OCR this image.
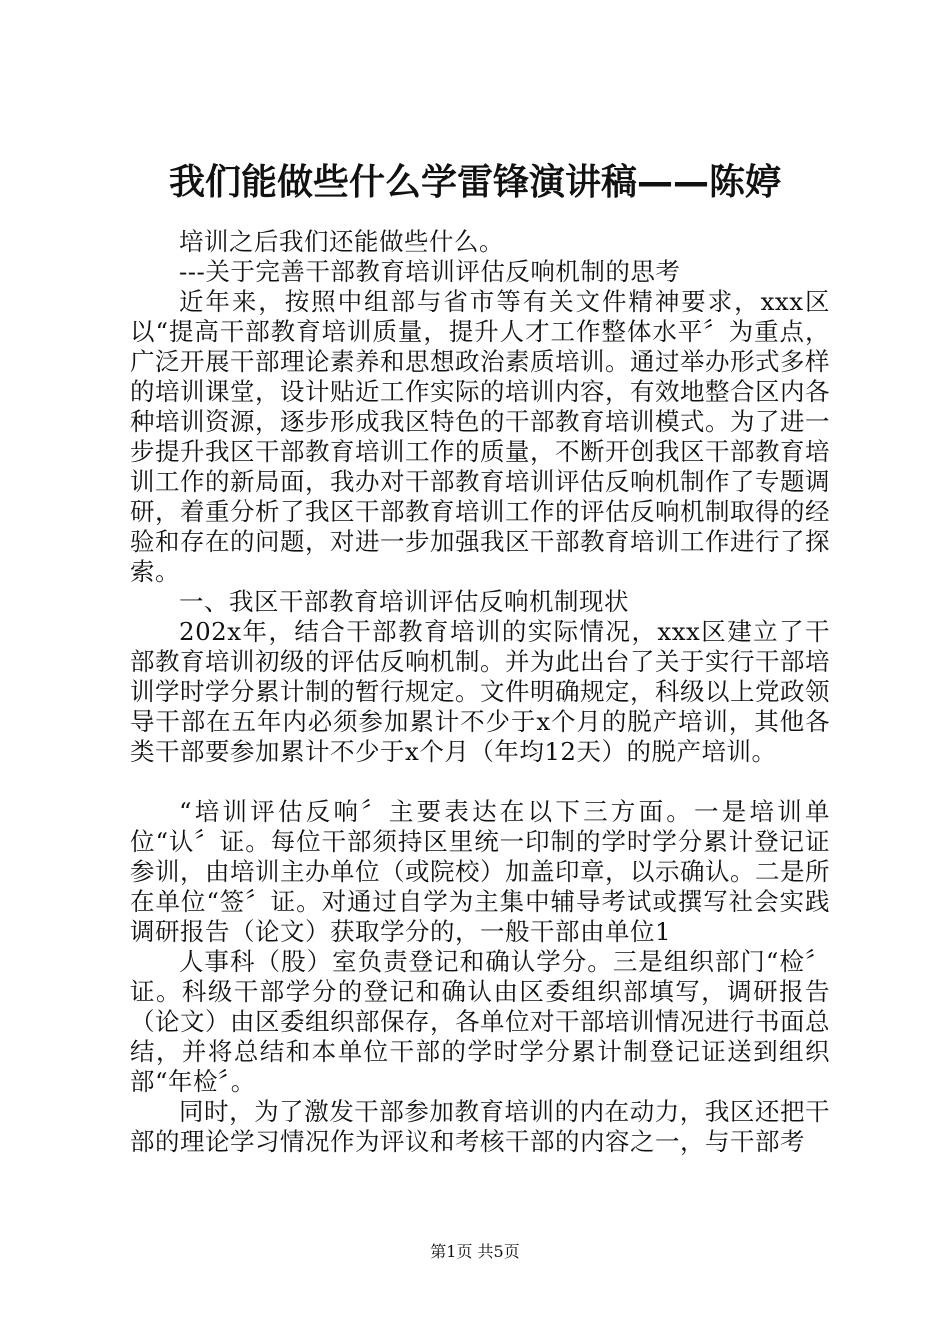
我们能做些什么学雷锋演讲稿——陈婷

培训之后我们还能做些什么。

---关于完善干部教育培训评估反响机制的思考

近年来，按照中组部与省市等有关文件精神要求，xxx区以“提高干部教育培训质量，提升人才工作整体水平〞为重点，广泛开展干部理论素养和思想政治素质培训。通过举办形式多样的培训课堂，设计贴近工作实际的培训内容，有效地整合区内各种培训资源，逐步形成我区特色的干部教育培训模式。为了进一步提升我区干部教育培训工作的质量，不断开创我区干部教育培训工作的新局面，我办对干部教育培训评估反响机制作了专题调研，着重分析了我区干部教育培训工作的评估反响机制取得的经验和存在的问题，对进一步加强我区干部教育培训工作进行了探索。

一、我区干部教育培训评估反响机制现状

202x年，结合干部教育培训的实际情况，xxx区建立了干部教育培训初级的评估反响机制。并为此出台了关于实行干部培训学时学分累计制的暂行规定。文件明确规定，科级以上党政领导干部在五年内必须参加累计不少于x个月的脱产培训，其他各类干部要参加累计不少于x个月（年均12天）的脱产培训。

“培训评估反响〞主要表达在以下三方面。一是培训单位“认〞证。每位干部须持区里统一印制的学时学分累计登记证参训，由培训主办单位（或院校）加盖印章，以示确认。二是所在单位“签〞证。对通过自学为主集中辅导考试或撰写社会实践调研报告（论文）获取学分的，一般干部由单位1

人事科（股）室负责登记和确认学分。三是组织部门“检〞证。科级干部学分的登记和确认由区委组织部填写，调研报告（论文）由区委组织部保存，各单位对干部培训情况进行书面总结，并将总结和本单位干部的学时学分累计制登记证送到组织部“年检〞。

同时，为了激发干部参加教育培训的内在动力，我区还把干部的理论学习情况作为评议和考核干部的内容之一，与干部考

第1页 共5页
